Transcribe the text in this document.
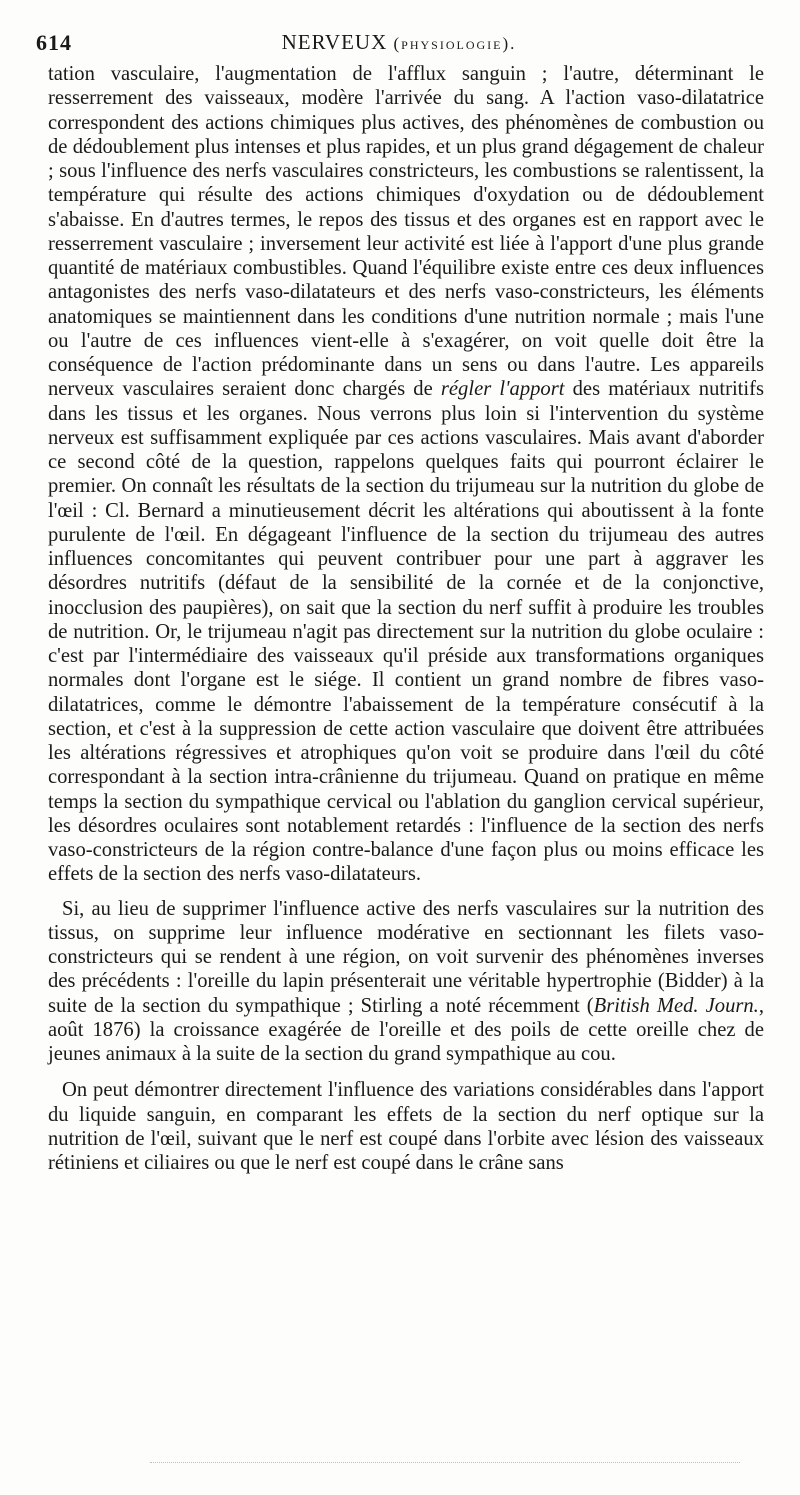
614	NERVEUX (physiologie).

tation vasculaire, l'augmentation de l'afflux sanguin ; l'autre, déterminant le resserrement des vaisseaux, modère l'arrivée du sang. A l'action vaso-dilatatrice correspondent des actions chimiques plus actives, des phénomènes de combustion ou de dédoublement plus intenses et plus rapides, et un plus grand dégagement de chaleur ; sous l'influence des nerfs vasculaires constricteurs, les combustions se ralentissent, la température qui résulte des actions chimiques d'oxydation ou de dédoublement s'abaisse. En d'autres termes, le repos des tissus et des organes est en rapport avec le resserrement vasculaire ; inversement leur activité est liée à l'apport d'une plus grande quantité de matériaux combustibles. Quand l'équilibre existe entre ces deux influences antagonistes des nerfs vaso-dilatateurs et des nerfs vaso-constricteurs, les éléments anatomiques se maintiennent dans les conditions d'une nutrition normale ; mais l'une ou l'autre de ces influences vient-elle à s'exagérer, on voit quelle doit être la conséquence de l'action prédominante dans un sens ou dans l'autre. Les appareils nerveux vasculaires seraient donc chargés de régler l'apport des matériaux nutritifs dans les tissus et les organes. Nous verrons plus loin si l'intervention du système nerveux est suffisamment expliquée par ces actions vasculaires. Mais avant d'aborder ce second côté de la question, rappelons quelques faits qui pourront éclairer le premier. On connaît les résultats de la section du trijumeau sur la nutrition du globe de l'œil : Cl. Bernard a minutieusement décrit les altérations qui aboutissent à la fonte purulente de l'œil. En dégageant l'influence de la section du trijumeau des autres influences concomitantes qui peuvent contribuer pour une part à aggraver les désordres nutritifs (défaut de la sensibilité de la cornée et de la conjonctive, inocclusion des paupières), on sait que la section du nerf suffit à produire les troubles de nutrition. Or, le trijumeau n'agit pas directement sur la nutrition du globe oculaire : c'est par l'intermédiaire des vaisseaux qu'il préside aux transformations organiques normales dont l'organe est le siége. Il contient un grand nombre de fibres vaso-dilatatrices, comme le démontre l'abaissement de la température consécutif à la section, et c'est à la suppression de cette action vasculaire que doivent être attribuées les altérations régressives et atrophiques qu'on voit se produire dans l'œil du côté correspondant à la section intra-crânienne du trijumeau. Quand on pratique en même temps la section du sympathique cervical ou l'ablation du ganglion cervical supérieur, les désordres oculaires sont notablement retardés : l'influence de la section des nerfs vaso-constricteurs de la région contre-balance d'une façon plus ou moins efficace les effets de la section des nerfs vaso-dilatateurs.

Si, au lieu de supprimer l'influence active des nerfs vasculaires sur la nutrition des tissus, on supprime leur influence modérative en sectionnant les filets vaso-constricteurs qui se rendent à une région, on voit survenir des phénomènes inverses des précédents : l'oreille du lapin présenterait une véritable hypertrophie (Bidder) à la suite de la section du sympathique ; Stirling a noté récemment (British Med. Journ., août 1876) la croissance exagérée de l'oreille et des poils de cette oreille chez de jeunes animaux à la suite de la section du grand sympathique au cou.

On peut démontrer directement l'influence des variations considérables dans l'apport du liquide sanguin, en comparant les effets de la section du nerf optique sur la nutrition de l'œil, suivant que le nerf est coupé dans l'orbite avec lésion des vaisseaux rétiniens et ciliaires ou que le nerf est coupé dans le crâne sans
